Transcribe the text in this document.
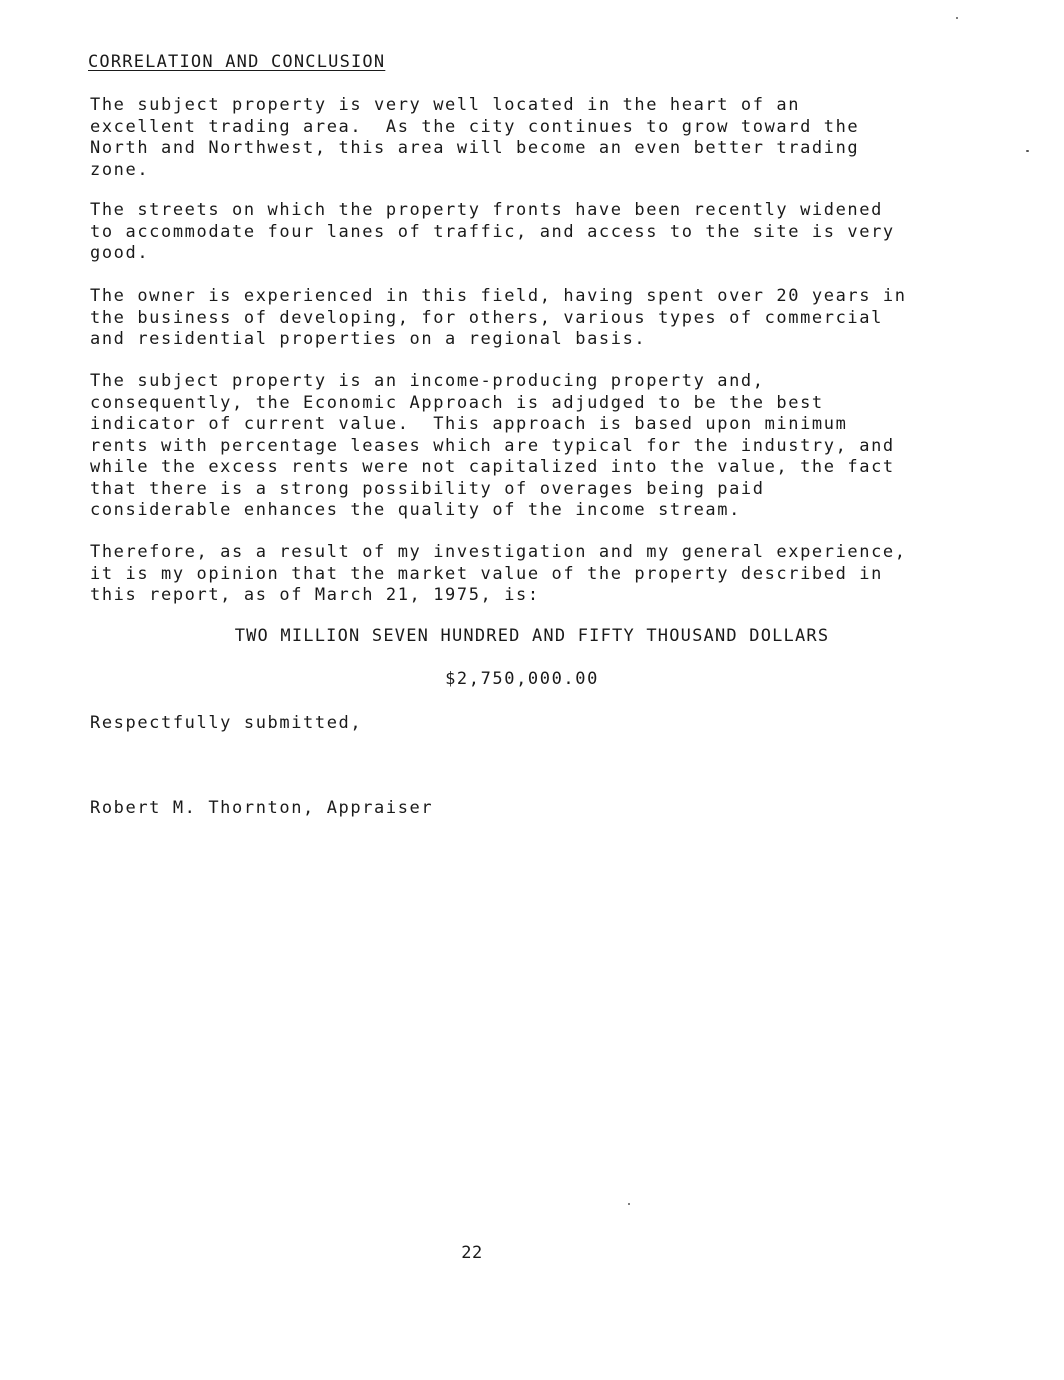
CORRELATION AND CONCLUSION

The subject property is very well located in the heart of an
excellent trading area.  As the city continues to grow toward the
North and Northwest, this area will become an even better trading
zone.

The streets on which the property fronts have been recently widened
to accommodate four lanes of traffic, and access to the site is very
good.

The owner is experienced in this field, having spent over 20 years in
the business of developing, for others, various types of commercial
and residential properties on a regional basis.

The subject property is an income-producing property and,
consequently, the Economic Approach is adjudged to be the best
indicator of current value.  This approach is based upon minimum
rents with percentage leases which are typical for the industry, and
while the excess rents were not capitalized into the value, the fact
that there is a strong possibility of overages being paid
considerable enhances the quality of the income stream.

Therefore, as a result of my investigation and my general experience,
it is my opinion that the market value of the property described in
this report, as of March 21, 1975, is:

TWO MILLION SEVEN HUNDRED AND FIFTY THOUSAND DOLLARS

$2,750,000.00

Respectfully submitted,

Robert M. Thornton, Appraiser

22
